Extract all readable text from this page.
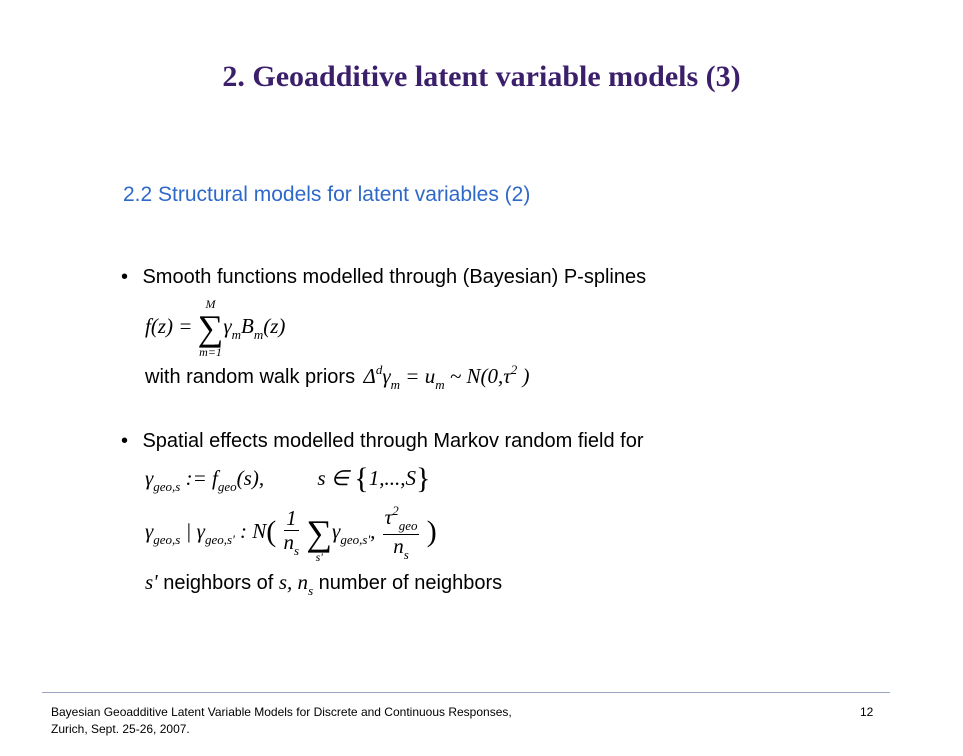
2. Geoadditive latent variable models (3)
2.2 Structural models for latent variables (2)
• Smooth functions modelled through (Bayesian) P-splines
f(z) =
M
∑
m=1
$\gamma_mB_m(z)$
with random walk priors $\Delta^d\gamma_m = u_m$ ~ $N(0,\tau^2$ )
• Spatial effects modelled through Markov random field for
$\gamma_{geo,s}$ := $f_{geo}(s)$,	s ∈ {1,...,S}
$\gamma_{geo,s}$ | $\gamma_{geo,s'}$ : $N( \frac{1}{n_s}$

∑
s'
$\gamma_{geo,s'}$, $\frac{\tau^2_{geo}}{n_s}$ )
s' neighbors of s, $n_s$ number of neighbors
Bayesian Geoadditive Latent Variable Models for Discrete and Continuous Responses,
Zurich, Sept. 25-26, 2007.
12
